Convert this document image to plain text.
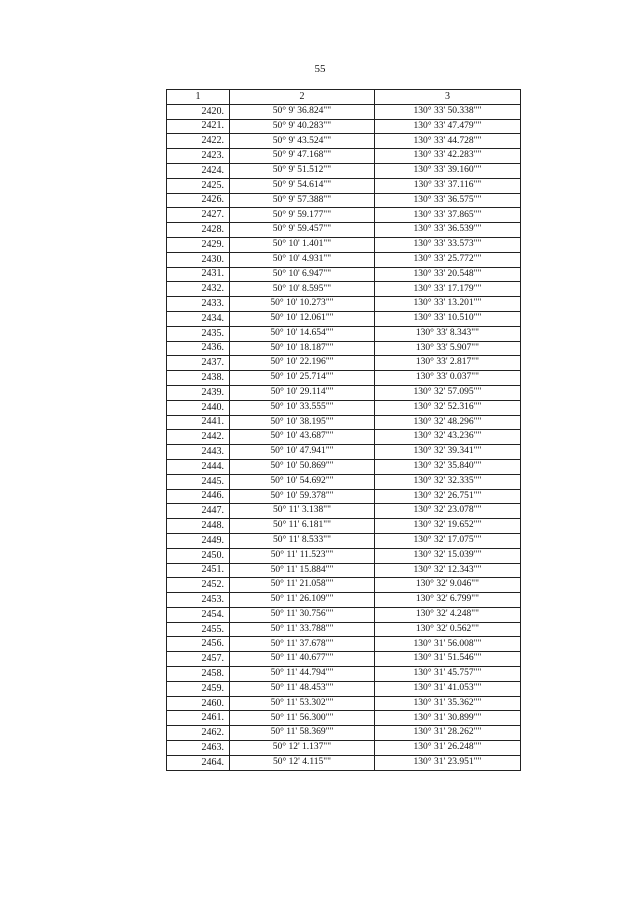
55
1	2	3
2420.	50° 9' 36.824""	130° 33' 50.338""
2421.	50° 9' 40.283""	130° 33' 47.479""
2422.	50° 9' 43.524""	130° 33' 44.728""
2423.	50° 9' 47.168""	130° 33' 42.283""
2424.	50° 9' 51.512""	130° 33' 39.160""
2425.	50° 9' 54.614""	130° 33' 37.116""
2426.	50° 9' 57.388""	130° 33' 36.575""
2427.	50° 9' 59.177""	130° 33' 37.865""
2428.	50° 9' 59.457""	130° 33' 36.539""
2429.	50° 10' 1.401""	130° 33' 33.573""
2430.	50° 10' 4.931""	130° 33' 25.772""
2431.	50° 10' 6.947""	130° 33' 20.548""
2432.	50° 10' 8.595""	130° 33' 17.179""
2433.	50° 10' 10.273""	130° 33' 13.201""
2434.	50° 10' 12.061""	130° 33' 10.510""
2435.	50° 10' 14.654""	130° 33' 8.343""
2436.	50° 10' 18.187""	130° 33' 5.907""
2437.	50° 10' 22.196""	130° 33' 2.817""
2438.	50° 10' 25.714""	130° 33' 0.037""
2439.	50° 10' 29.114""	130° 32' 57.095""
2440.	50° 10' 33.555""	130° 32' 52.316""
2441.	50° 10' 38.195""	130° 32' 48.296""
2442.	50° 10' 43.687""	130° 32' 43.236""
2443.	50° 10' 47.941""	130° 32' 39.341""
2444.	50° 10' 50.869""	130° 32' 35.840""
2445.	50° 10' 54.692""	130° 32' 32.335""
2446.	50° 10' 59.378""	130° 32' 26.751""
2447.	50° 11' 3.138""	130° 32' 23.078""
2448.	50° 11' 6.181""	130° 32' 19.652""
2449.	50° 11' 8.533""	130° 32' 17.075""
2450.	50° 11' 11.523""	130° 32' 15.039""
2451.	50° 11' 15.884""	130° 32' 12.343""
2452.	50° 11' 21.058""	130° 32' 9.046""
2453.	50° 11' 26.109""	130° 32' 6.799""
2454.	50° 11' 30.756""	130° 32' 4.248""
2455.	50° 11' 33.788""	130° 32' 0.562""
2456.	50° 11' 37.678""	130° 31' 56.008""
2457.	50° 11' 40.677""	130° 31' 51.546""
2458.	50° 11' 44.794""	130° 31' 45.757""
2459.	50° 11' 48.453""	130° 31' 41.053""
2460.	50° 11' 53.302""	130° 31' 35.362""
2461.	50° 11' 56.300""	130° 31' 30.899""
2462.	50° 11' 58.369""	130° 31' 28.262""
2463.	50° 12' 1.137""	130° 31' 26.248""
2464.	50° 12' 4.115""	130° 31' 23.951""
